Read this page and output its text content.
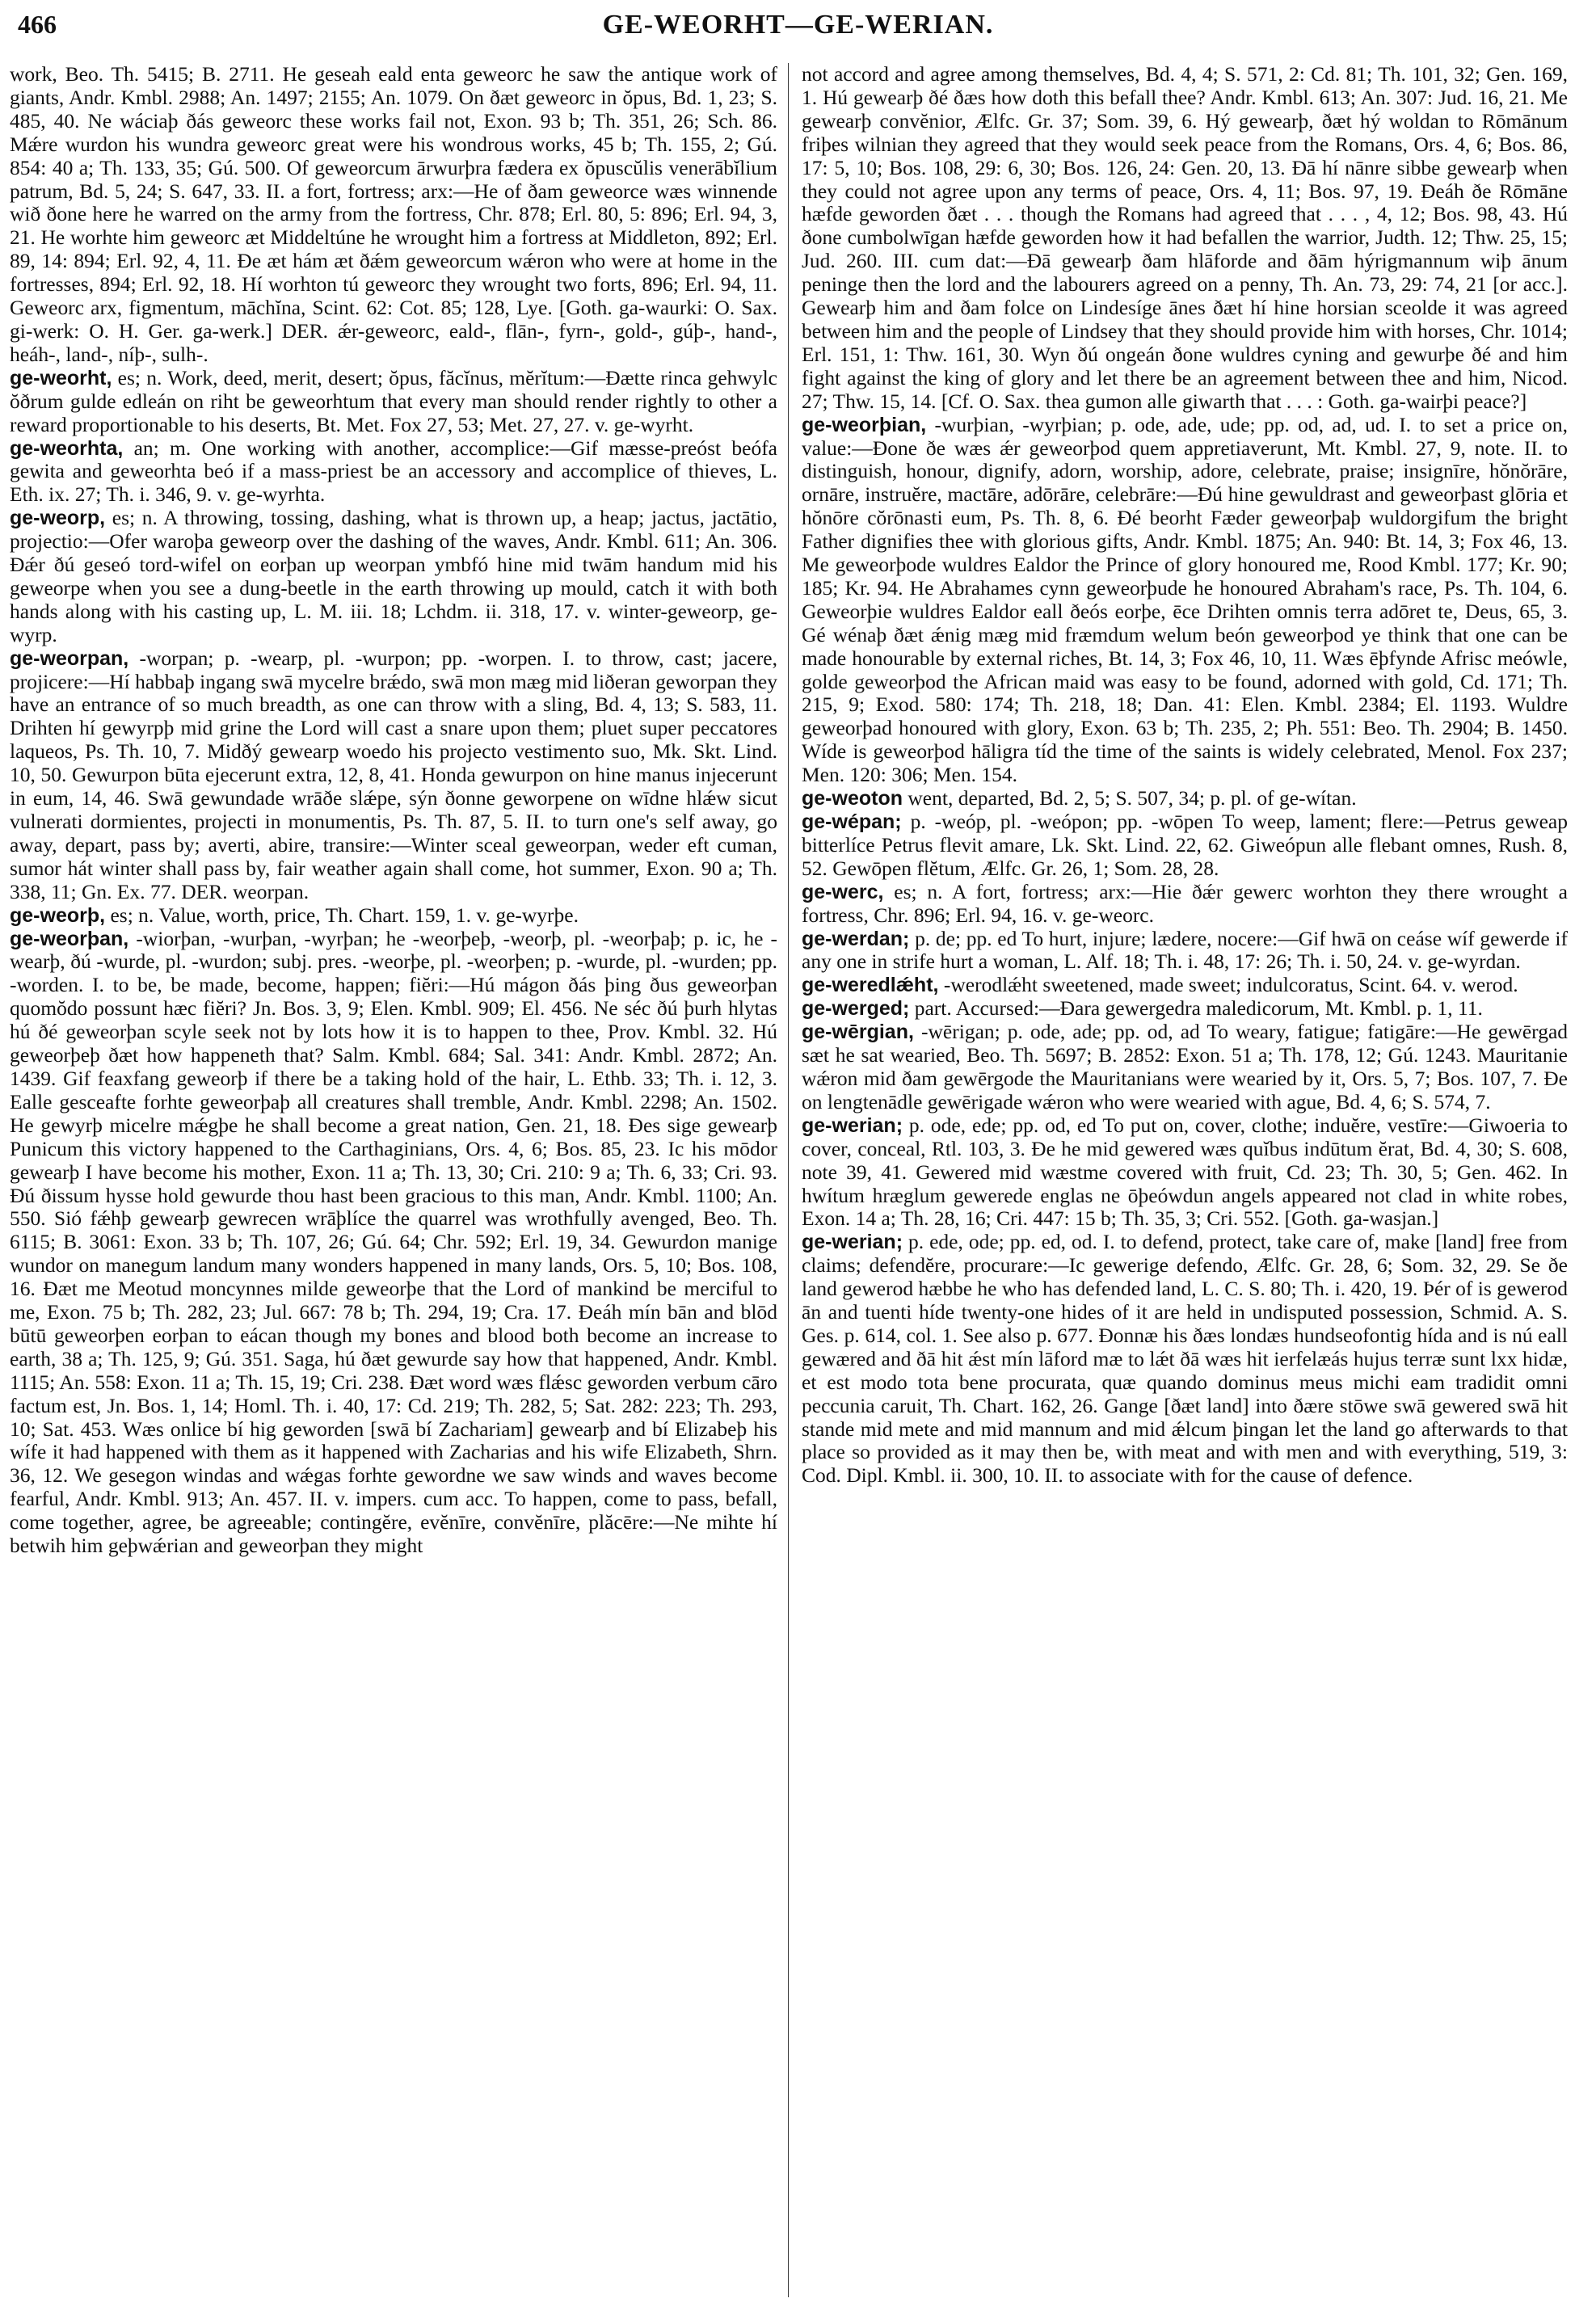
466	GE-WEORHT—GE-WERIAN.

work, Beo. Th. 5415; B. 2711. He geseah eald enta geweorc he saw the antique work of giants, Andr. Kmbl. 2988; An. 1497; 2155; An. 1079. On ðæt geweorc in ŏpus, Bd. 1, 23; S. 485, 40. Ne wáciaþ ðás geweorc these works fail not, Exon. 93 b; Th. 351, 26; Sch. 86. Mǽre wurdon his wundra geweorc great were his wondrous works, 45 b; Th. 155, 2; Gú. 854: 40 a; Th. 133, 35; Gú. 500. Of geweorcum ārwurþra fædera ex ŏpuscŭlis venerābĭlium patrum, Bd. 5, 24; S. 647, 33. II. a fort, fortress; arx:—He of ðam geweorce wæs winnende wið ðone here he warred on the army from the fortress, Chr. 878; Erl. 80, 5: 896; Erl. 94, 3, 21. He worhte him geweorc æt Middeltúne he wrought him a fortress at Middleton, 892; Erl. 89, 14: 894; Erl. 92, 4, 11. Ðe æt hám æt ðǽm geweorcum wǽron who were at home in the fortresses, 894; Erl. 92, 18. Hí worhton tú geweorc they wrought two forts, 896; Erl. 94, 11. Geweorc arx, figmentum, māchĭna, Scint. 62: Cot. 85; 128, Lye. [Goth. ga-waurki: O. Sax. gi-werk: O. H. Ger. ga-werk.] DER. ǽr-geweorc, eald-, flān-, fyrn-, gold-, gúþ-, hand-, heáh-, land-, níþ-, sulh-.

ge-weorht, es; n. Work, deed, merit, desert; ŏpus, făcĭnus, mĕrĭtum:—Ðætte rinca gehwylc ŏðrum gulde edleán on riht be geweorhtum that every man should render rightly to other a reward proportionable to his deserts, Bt. Met. Fox 27, 53; Met. 27, 27. v. ge-wyrht.

ge-weorhta, an; m. One working with another, accomplice:—Gif mæsse-preóst beófa gewita and geweorhta beó if a mass-priest be an accessory and accomplice of thieves, L. Eth. ix. 27; Th. i. 346, 9. v. ge-wyrhta.

ge-weorp, es; n. A throwing, tossing, dashing, what is thrown up, a heap; jactus, jactātio, projectio:—Ofer waroþa geweorp over the dashing of the waves, Andr. Kmbl. 611; An. 306. Ðǽr ðú geseó tord-wifel on eorþan up weorpan ymbfó hine mid twām handum mid his geweorpe when you see a dung-beetle in the earth throwing up mould, catch it with both hands along with his casting up, L. M. iii. 18; Lchdm. ii. 318, 17. v. winter-geweorp, ge-wyrp.

ge-weorpan, -worpan; p. -wearp, pl. -wurpon; pp. -worpen. I. to throw, cast; jacere, projicere:—Hí habbaþ ingang swā mycelre brǽdo, swā mon mæg mid liðeran geworpan they have an entrance of so much breadth, as one can throw with a sling, Bd. 4, 13; S. 583, 11. Drihten hí gewyrpþ mid grine the Lord will cast a snare upon them; pluet super peccatores laqueos, Ps. Th. 10, 7. Midðý gewearp woedo his projecto vestimento suo, Mk. Skt. Lind. 10, 50. Gewurpon būta ejecerunt extra, 12, 8, 41. Honda gewurpon on hine manus injecerunt in eum, 14, 46. Swā gewundade wrāðe slǽpe, sýn ðonne geworpene on wīdne hlǽw sicut vulnerati dormientes, projecti in monumentis, Ps. Th. 87, 5. II. to turn one's self away, go away, depart, pass by; averti, abire, transire:—Winter sceal geweorpan, weder eft cuman, sumor hát winter shall pass by, fair weather again shall come, hot summer, Exon. 90 a; Th. 338, 11; Gn. Ex. 77. DER. weorpan.

ge-weorþ, es; n. Value, worth, price, Th. Chart. 159, 1. v. ge-wyrþe.

ge-weorþan, -wiorþan, -wurþan, -wyrþan; he -weorþeþ, -weorþ, pl. -weorþaþ; p. ic, he -wearþ, ðú -wurde, pl. -wurdon; subj. pres. -weorþe, pl. -weorþen; p. -wurde, pl. -wurden; pp. -worden. I. to be, be made, become, happen; fiĕri:—Hú mágon ðás þing ðus geweorþan quomŏdo possunt hæc fiĕri? Jn. Bos. 3, 9; Elen. Kmbl. 909; El. 456. Ne séc ðú þurh hlytas hú ðé geweorþan scyle seek not by lots how it is to happen to thee, Prov. Kmbl. 32. Hú geweorþeþ ðæt how happeneth that? Salm. Kmbl. 684; Sal. 341: Andr. Kmbl. 2872; An. 1439. Gif feaxfang geweorþ if there be a taking hold of the hair, L. Ethb. 33; Th. i. 12, 3. Ealle gesceafte forhte geweorþaþ all creatures shall tremble, Andr. Kmbl. 2298; An. 1502. He gewyrþ micelre mǽgþe he shall become a great nation, Gen. 21, 18. Ðes sige gewearþ Punicum this victory happened to the Carthaginians, Ors. 4, 6; Bos. 85, 23. Ic his mōdor gewearþ I have become his mother, Exon. 11 a; Th. 13, 30; Cri. 210: 9 a; Th. 6, 33; Cri. 93. Ðú ðissum hysse hold gewurde thou hast been gracious to this man, Andr. Kmbl. 1100; An. 550. Sió fǽhþ gewearþ gewrecen wrāþlíce the quarrel was wrothfully avenged, Beo. Th. 6115; B. 3061: Exon. 33 b; Th. 107, 26; Gú. 64; Chr. 592; Erl. 19, 34. Gewurdon manige wundor on manegum landum many wonders happened in many lands, Ors. 5, 10; Bos. 108, 16. Ðæt me Meotud moncynnes milde geweorþe that the Lord of mankind be merciful to me, Exon. 75 b; Th. 282, 23; Jul. 667: 78 b; Th. 294, 19; Cra. 17. Ðeáh mín bān and blōd būtū geweorþen eorþan to eácan though my bones and blood both become an increase to earth, 38 a; Th. 125, 9; Gú. 351. Saga, hú ðæt gewurde say how that happened, Andr. Kmbl. 1115; An. 558: Exon. 11 a; Th. 15, 19; Cri. 238. Ðæt word wæs flǽsc geworden verbum cāro factum est, Jn. Bos. 1, 14; Homl. Th. i. 40, 17: Cd. 219; Th. 282, 5; Sat. 282: 223; Th. 293, 10; Sat. 453. Wæs onlice bí hig geworden [swā bí Zachariam] gewearþ and bí Elizabeþ his wífe it had happened with them as it happened with Zacharias and his wife Elizabeth, Shrn. 36, 12. We gesegon windas and wǽgas forhte gewordne we saw winds and waves become fearful, Andr. Kmbl. 913; An. 457. II. v. impers. cum acc. To happen, come to pass, befall, come together, agree, be agreeable; contingĕre, evĕnīre, convĕnīre, plăcēre:—Ne mihte hí betwih him geþwǽrian and geweorþan they might

not accord and agree among themselves, Bd. 4, 4; S. 571, 2: Cd. 81; Th. 101, 32; Gen. 169, 1. Hú gewearþ ðé ðæs how doth this befall thee? Andr. Kmbl. 613; An. 307: Jud. 16, 21. Me gewearþ convĕnior, Ælfc. Gr. 37; Som. 39, 6. Hý gewearþ, ðæt hý woldan to Rōmānum friþes wilnian they agreed that they would seek peace from the Romans, Ors. 4, 6; Bos. 86, 17: 5, 10; Bos. 108, 29: 6, 30; Bos. 126, 24: Gen. 20, 13. Ðā hí nānre sibbe gewearþ when they could not agree upon any terms of peace, Ors. 4, 11; Bos. 97, 19. Ðeáh ðe Rōmāne hæfde geworden ðæt . . . though the Romans had agreed that . . . , 4, 12; Bos. 98, 43. Hú ðone cumbolwīgan hæfde geworden how it had befallen the warrior, Judth. 12; Thw. 25, 15; Jud. 260. III. cum dat:—Ðā gewearþ ðam hlāforde and ðām hýrigmannum wiþ ānum peninge then the lord and the labourers agreed on a penny, Th. An. 73, 29: 74, 21 [or acc.]. Gewearþ him and ðam folce on Lindesíge ānes ðæt hí hine horsian sceolde it was agreed between him and the people of Lindsey that they should provide him with horses, Chr. 1014; Erl. 151, 1: Thw. 161, 30. Wyn ðú ongeán ðone wuldres cyning and gewurþe ðé and him fight against the king of glory and let there be an agreement between thee and him, Nicod. 27; Thw. 15, 14. [Cf. O. Sax. thea gumon alle giwarth that . . . : Goth. ga-wairþi peace?]

ge-weorþian, -wurþian, -wyrþian; p. ode, ade, ude; pp. od, ad, ud. I. to set a price on, value:—Ðone ðe wæs ǽr geweorþod quem appretiaverunt, Mt. Kmbl. 27, 9, note. II. to distinguish, honour, dignify, adorn, worship, adore, celebrate, praise; insignīre, hŏnŏrāre, ornāre, instruĕre, mactāre, adōrāre, celebrāre:—Ðú hine gewuldrast and geweorþast glōria et hŏnōre cŏrōnasti eum, Ps. Th. 8, 6. Ðé beorht Fæder geweorþaþ wuldorgifum the bright Father dignifies thee with glorious gifts, Andr. Kmbl. 1875; An. 940: Bt. 14, 3; Fox 46, 13. Me geweorþode wuldres Ealdor the Prince of glory honoured me, Rood Kmbl. 177; Kr. 90; 185; Kr. 94. He Abrahames cynn geweorþude he honoured Abraham's race, Ps. Th. 104, 6. Geweorþie wuldres Ealdor eall ðeós eorþe, ēce Drihten omnis terra adōret te, Deus, 65, 3. Gé wénaþ ðæt ǽnig mæg mid fræmdum welum beón geweorþod ye think that one can be made honourable by external riches, Bt. 14, 3; Fox 46, 10, 11. Wæs ēþfynde Afrisc meówle, golde geweorþod the African maid was easy to be found, adorned with gold, Cd. 171; Th. 215, 9; Exod. 580: 174; Th. 218, 18; Dan. 41: Elen. Kmbl. 2384; El. 1193. Wuldre geweorþad honoured with glory, Exon. 63 b; Th. 235, 2; Ph. 551: Beo. Th. 2904; B. 1450. Wíde is geweorþod hāligra tíd the time of the saints is widely celebrated, Menol. Fox 237; Men. 120: 306; Men. 154.

ge-weoton went, departed, Bd. 2, 5; S. 507, 34; p. pl. of ge-wítan.

ge-wépan; p. -weóp, pl. -weópon; pp. -wōpen To weep, lament; flere:—Petrus geweap bitterlíce Petrus flevit amare, Lk. Skt. Lind. 22, 62. Giweópun alle flebant omnes, Rush. 8, 52. Gewōpen flĕtum, Ælfc. Gr. 26, 1; Som. 28, 28.

ge-werc, es; n. A fort, fortress; arx:—Hie ðǽr gewerc worhton they there wrought a fortress, Chr. 896; Erl. 94, 16. v. ge-weorc.

ge-werdan; p. de; pp. ed To hurt, injure; lædere, nocere:—Gif hwā on ceáse wíf gewerde if any one in strife hurt a woman, L. Alf. 18; Th. i. 48, 17: 26; Th. i. 50, 24. v. ge-wyrdan.

ge-weredlǽht, -werodlǽht sweetened, made sweet; indulcoratus, Scint. 64. v. werod.

ge-werged; part. Accursed:—Ðara gewergedra maledicorum, Mt. Kmbl. p. 1, 11.

ge-wērgian, -wērigan; p. ode, ade; pp. od, ad To weary, fatigue; fatigāre:—He gewērgad sæt he sat wearied, Beo. Th. 5697; B. 2852: Exon. 51 a; Th. 178, 12; Gú. 1243. Mauritanie wǽron mid ðam gewērgode the Mauritanians were wearied by it, Ors. 5, 7; Bos. 107, 7. Ðe on lengtenādle gewērigade wǽron who were wearied with ague, Bd. 4, 6; S. 574, 7.

ge-werian; p. ode, ede; pp. od, ed To put on, cover, clothe; induĕre, vestīre:—Giwoeria to cover, conceal, Rtl. 103, 3. Ðe he mid gewered wæs quĭbus indūtum ĕrat, Bd. 4, 30; S. 608, note 39, 41. Gewered mid wæstme covered with fruit, Cd. 23; Th. 30, 5; Gen. 462. In hwítum hræglum gewerede englas ne ōþeówdun angels appeared not clad in white robes, Exon. 14 a; Th. 28, 16; Cri. 447: 15 b; Th. 35, 3; Cri. 552. [Goth. ga-wasjan.]

ge-werian; p. ede, ode; pp. ed, od. I. to defend, protect, take care of, make [land] free from claims; defendĕre, procurare:—Ic gewerige defendo, Ælfc. Gr. 28, 6; Som. 32, 29. Se ðe land gewerod hæbbe he who has defended land, L. C. S. 80; Th. i. 420, 19. Þér of is gewerod ān and tuenti híde twenty-one hides of it are held in undisputed possession, Schmid. A. S. Ges. p. 614, col. 1. See also p. 677. Ðonnæ his ðæs londæs hundseofontig hída and is nú eall gewæred and ðā hit ǽst mín lāford mæ to lǽt ðā wæs hit ierfelæás hujus terræ sunt lxx hidæ, et est modo tota bene procurata, quæ quando dominus meus michi eam tradidit omni peccunia caruit, Th. Chart. 162, 26. Gange [ðæt land] into ðære stōwe swā gewered swā hit stande mid mete and mid mannum and mid ǽlcum þingan let the land go afterwards to that place so provided as it may then be, with meat and with men and with everything, 519, 3: Cod. Dipl. Kmbl. ii. 300, 10. II. to associate with for the cause of defence.
